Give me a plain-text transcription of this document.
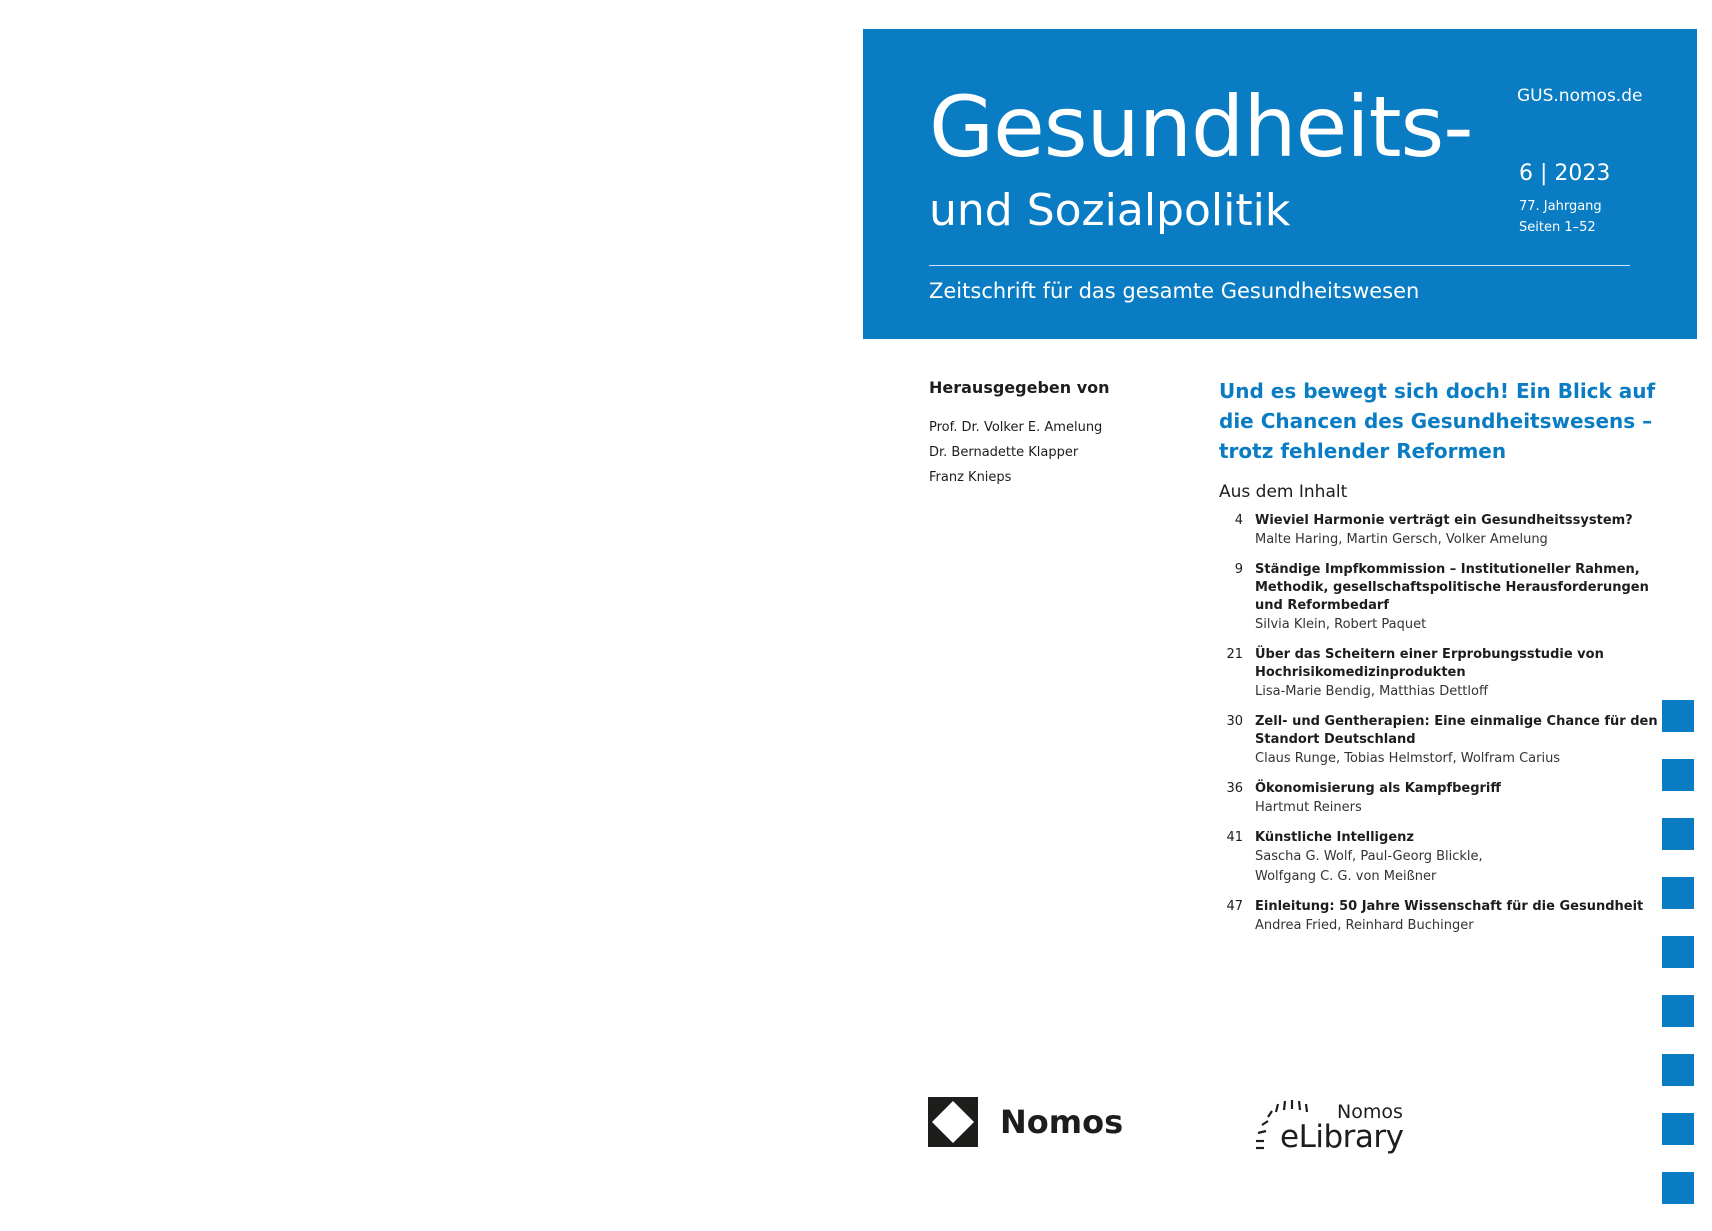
Gesundheits-
und Sozialpolitik
GUS.nomos.de
6 | 2023
77. Jahrgang
Seiten 1–52
Zeitschrift für das gesamte Gesundheitswesen
Herausgegeben von
Prof. Dr. Volker E. Amelung
Dr. Bernadette Klapper
Franz Knieps
Und es bewegt sich doch! Ein Blick auf
die Chancen des Gesundheitswesens –
trotz fehlender Reformen
Aus dem Inhalt
4 Wieviel Harmonie verträgt ein Gesundheitssystem?
Malte Haring, Martin Gersch, Volker Amelung
9 Ständige Impfkommission – Institutioneller Rahmen,
Methodik, gesellschaftspolitische Herausforderungen
und Reformbedarf
Silvia Klein, Robert Paquet
21 Über das Scheitern einer Erprobungsstudie von
Hochrisikomedizinprodukten
Lisa-Marie Bendig, Matthias Dettloff
30 Zell- und Gentherapien: Eine einmalige Chance für den
Standort Deutschland
Claus Runge, Tobias Helmstorf, Wolfram Carius
36 Ökonomisierung als Kampfbegriff
Hartmut Reiners
41 Künstliche Intelligenz
Sascha G. Wolf, Paul-Georg Blickle,
Wolfgang C. G. von Meißner
47 Einleitung: 50 Jahre Wissenschaft für die Gesundheit
Andrea Fried, Reinhard Buchinger
Nomos	Nomos
eLibrary
